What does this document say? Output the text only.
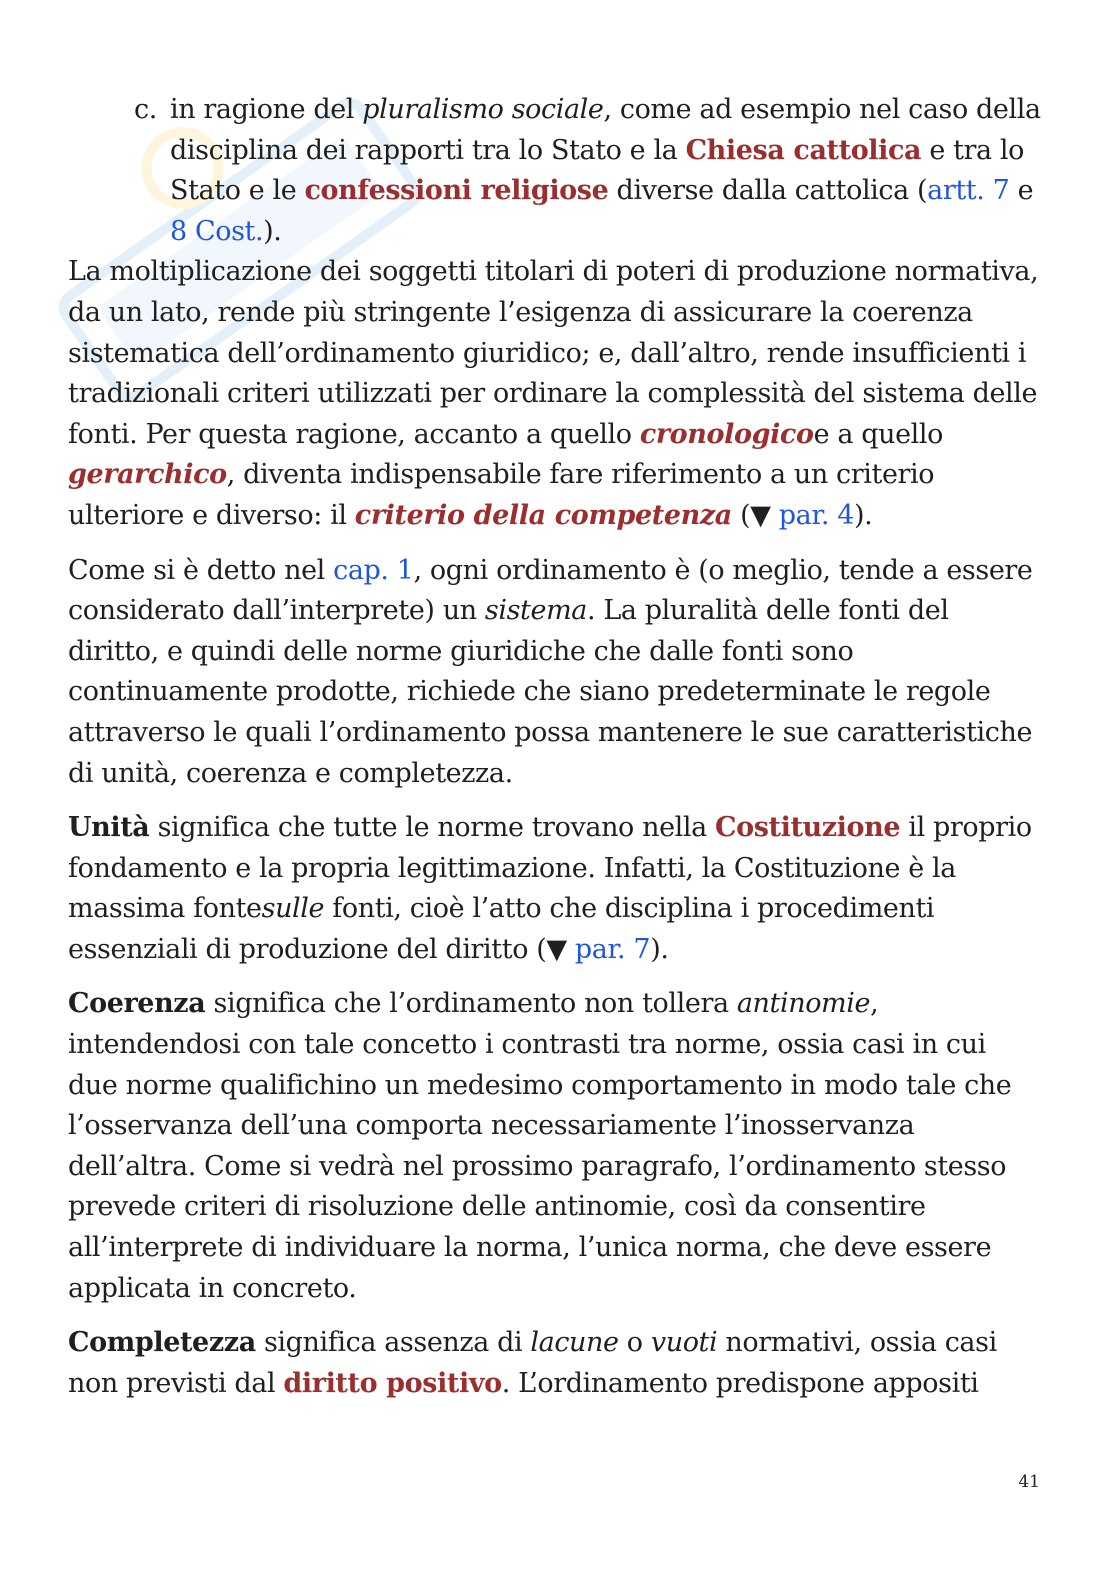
c. in ragione del pluralismo sociale, come ad esempio nel caso della disciplina dei rapporti tra lo Stato e la Chiesa cattolica e tra lo Stato e le confessioni religiose diverse dalla cattolica (artt. 7 e 8 Cost.).

La moltiplicazione dei soggetti titolari di poteri di produzione normativa, da un lato, rende più stringente l’esigenza di assicurare la coerenza sistematica dell’ordinamento giuridico; e, dall’altro, rende insufficienti i tradizionali criteri utilizzati per ordinare la complessità del sistema delle fonti. Per questa ragione, accanto a quello cronologicoe a quello gerarchico, diventa indispensabile fare riferimento a un criterio ulteriore e diverso: il criterio della competenza (▼ par. 4).

Come si è detto nel cap. 1, ogni ordinamento è (o meglio, tende a essere considerato dall’interprete) un sistema. La pluralità delle fonti del diritto, e quindi delle norme giuridiche che dalle fonti sono continuamente prodotte, richiede che siano predeterminate le regole attraverso le quali l’ordinamento possa mantenere le sue caratteristiche di unità, coerenza e completezza.

Unità significa che tutte le norme trovano nella Costituzione il proprio fondamento e la propria legittimazione. Infatti, la Costituzione è la massima fontesulle fonti, cioè l’atto che disciplina i procedimenti essenziali di produzione del diritto (▼ par. 7).

Coerenza significa che l’ordinamento non tollera antinomie, intendendosi con tale concetto i contrasti tra norme, ossia casi in cui due norme qualifichino un medesimo comportamento in modo tale che l’osservanza dell’una comporta necessariamente l’inosservanza dell’altra. Come si vedrà nel prossimo paragrafo, l’ordinamento stesso prevede criteri di risoluzione delle antinomie, così da consentire all’interprete di individuare la norma, l’unica norma, che deve essere applicata in concreto.

Completezza significa assenza di lacune o vuoti normativi, ossia casi non previsti dal diritto positivo. L’ordinamento predispone appositi

41
